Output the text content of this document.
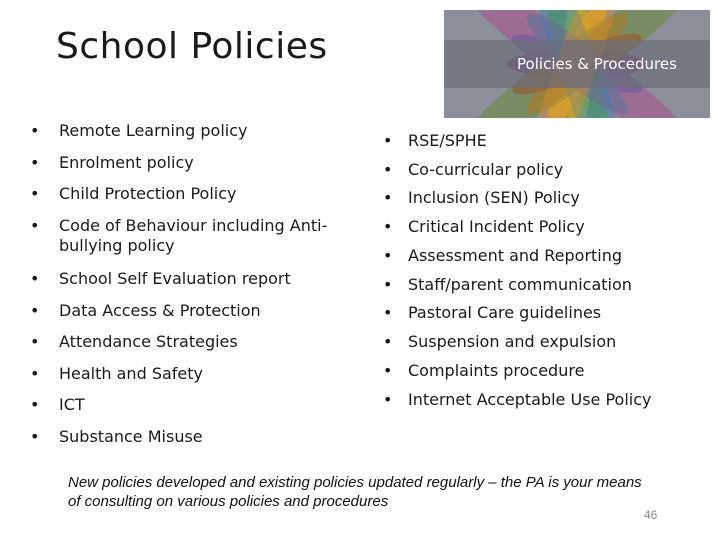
School Policies	Policies & Procedures
• Remote Learning policy
• Enrolment policy
• Child Protection Policy
• Code of Behaviour including Anti-bullying policy
• School Self Evaluation report
• Data Access & Protection
• Attendance Strategies
• Health and Safety
• ICT
• Substance Misuse
• RSE/SPHE
• Co-curricular policy
• Inclusion (SEN) Policy
• Critical Incident Policy
• Assessment and Reporting
• Staff/parent communication
• Pastoral Care guidelines
• Suspension and expulsion
• Complaints procedure
• Internet Acceptable Use Policy
New policies developed and existing policies updated regularly – the PA is your means of consulting on various policies and procedures
46
